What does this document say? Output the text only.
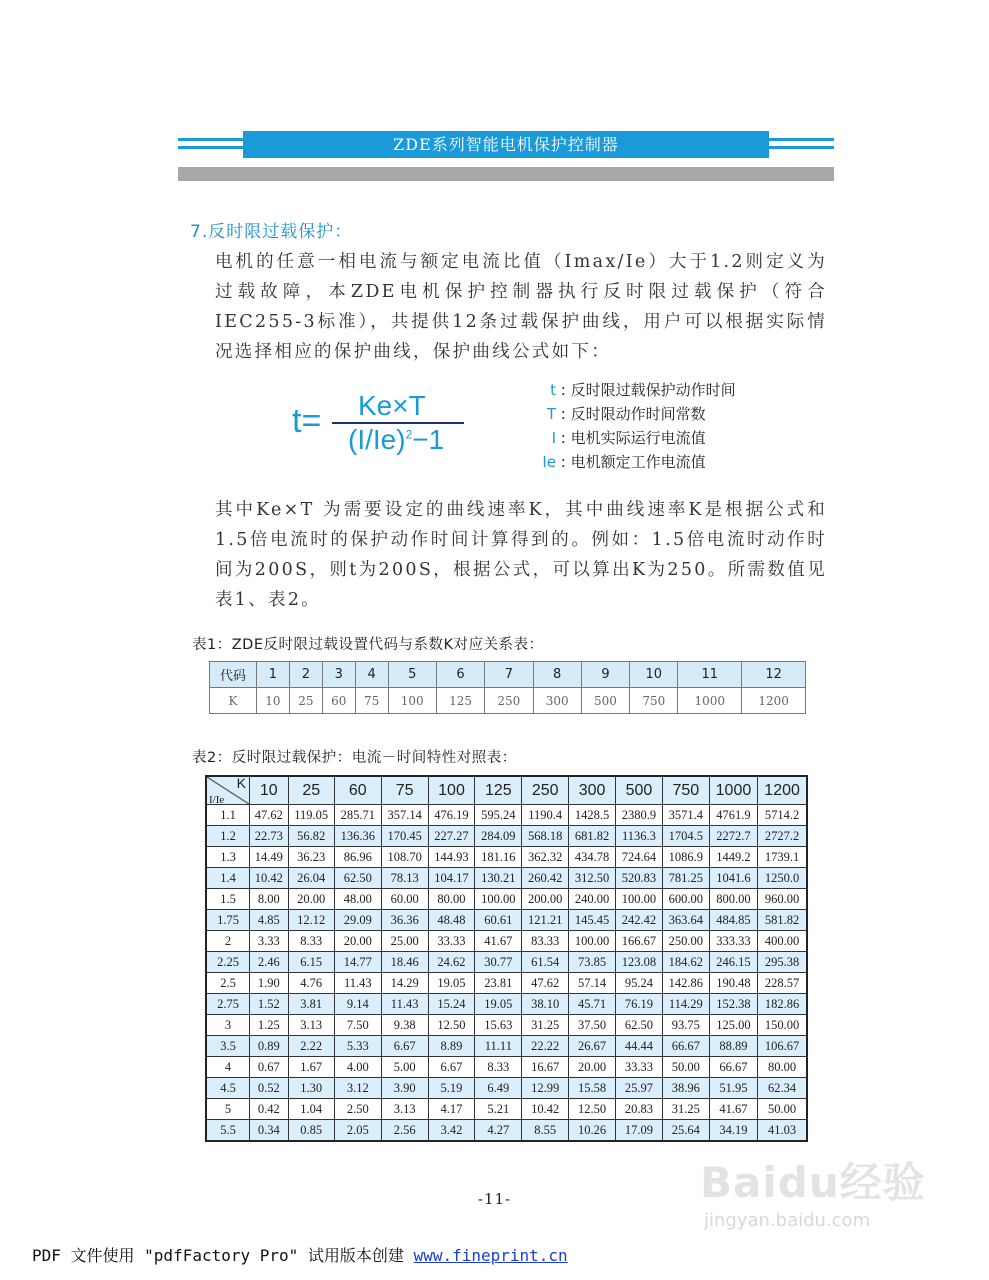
ZDE系列智能电机保护控制器
7.反时限过载保护：
电机的任意一相电流与额定电流比值（Imax/Ie）大于1.2则定义为过载故障，本ZDE电机保护控制器执行反时限过载保护（符合IEC255-3标准），共提供12条过载保护曲线，用户可以根据实际情况选择相应的保护曲线，保护曲线公式如下：
t= Ke×T
$(I/Ie)^2-1$
t : 反时限过载保护动作时间
T : 反时限动作时间常数
I : 电机实际运行电流值
Ie : 电机额定工作电流值
其中Ke×T 为需要设定的曲线速率K，其中曲线速率K是根据公式和1.5倍电流时的保护动作时间计算得到的。例如：1.5倍电流时动作时间为200S，则t为200S，根据公式，可以算出K为250。所需数值见表1、表2。
表1：ZDE反时限过载设置代码与系数K对应关系表：
代码	1	2	3	4	5	6	7	8	9	10	11	12
K	10	25	60	75	100	125	250	300	500	750	1000	1200
表2：反时限过载保护：电流－时间特性对照表：
K
I/Ie	10	25	60	75	100	125	250	300	500	750	1000	1200
1.1	47.62	119.05	285.71	357.14	476.19	595.24	1190.4	1428.5	2380.9	3571.4	4761.9	5714.2
1.2	22.73	56.82	136.36	170.45	227.27	284.09	568.18	681.82	1136.3	1704.5	2272.7	2727.2
1.3	14.49	36.23	86.96	108.70	144.93	181.16	362.32	434.78	724.64	1086.9	1449.2	1739.1
1.4	10.42	26.04	62.50	78.13	104.17	130.21	260.42	312.50	520.83	781.25	1041.6	1250.0
1.5	8.00	20.00	48.00	60.00	80.00	100.00	200.00	240.00	100.00	600.00	800.00	960.00
1.75	4.85	12.12	29.09	36.36	48.48	60.61	121.21	145.45	242.42	363.64	484.85	581.82
2	3.33	8.33	20.00	25.00	33.33	41.67	83.33	100.00	166.67	250.00	333.33	400.00
2.25	2.46	6.15	14.77	18.46	24.62	30.77	61.54	73.85	123.08	184.62	246.15	295.38
2.5	1.90	4.76	11.43	14.29	19.05	23.81	47.62	57.14	95.24	142.86	190.48	228.57
2.75	1.52	3.81	9.14	11.43	15.24	19.05	38.10	45.71	76.19	114.29	152.38	182.86
3	1.25	3.13	7.50	9.38	12.50	15.63	31.25	37.50	62.50	93.75	125.00	150.00
3.5	0.89	2.22	5.33	6.67	8.89	11.11	22.22	26.67	44.44	66.67	88.89	106.67
4	0.67	1.67	4.00	5.00	6.67	8.33	16.67	20.00	33.33	50.00	66.67	80.00
4.5	0.52	1.30	3.12	3.90	5.19	6.49	12.99	15.58	25.97	38.96	51.95	62.34
5	0.42	1.04	2.50	3.13	4.17	5.21	10.42	12.50	20.83	31.25	41.67	50.00
5.5	0.34	0.85	2.05	2.56	3.42	4.27	8.55	10.26	17.09	25.64	34.19	41.03
-11-	Baidu经验
jingyan.baidu.com
PDF 文件使用 "pdfFactory Pro" 试用版本创建 www.fineprint.cn
